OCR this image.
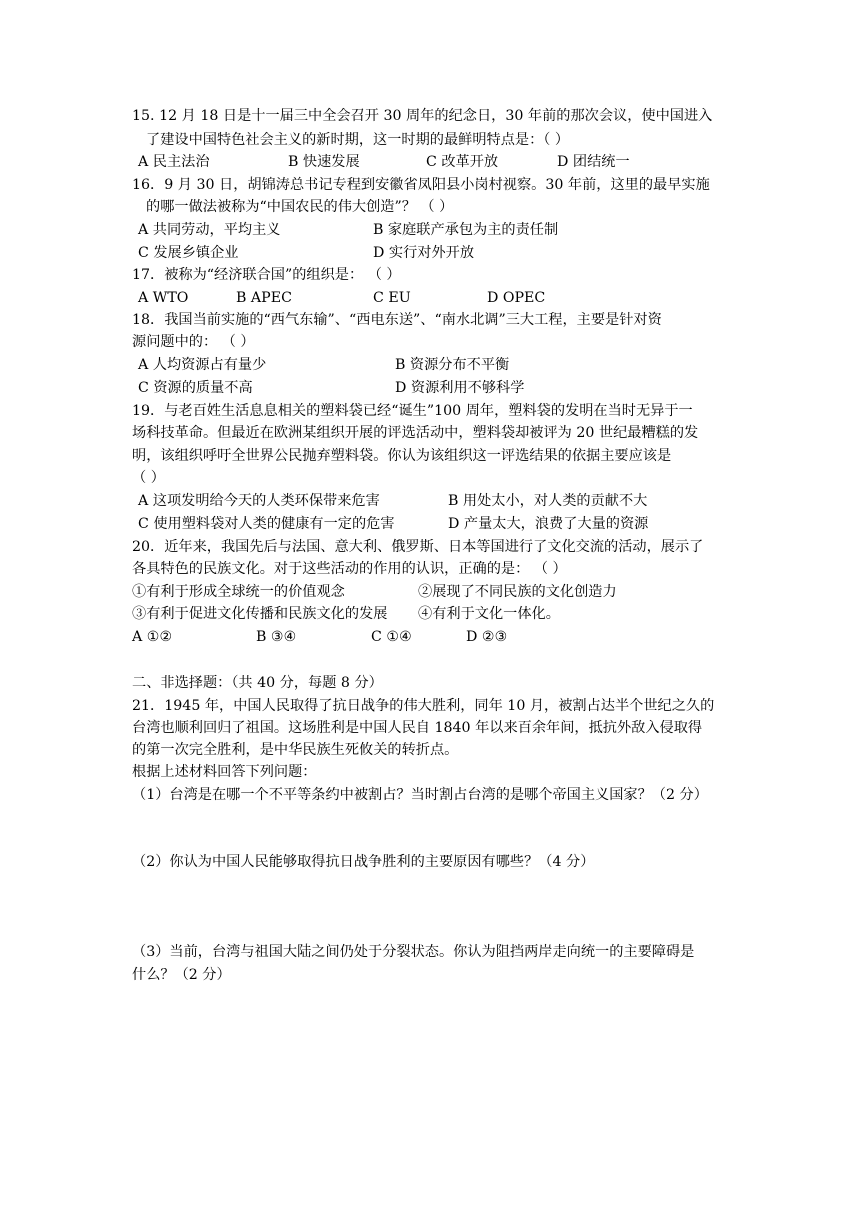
15. 12 月 18 日是十一届三中全会召开 30 周年的纪念日，30 年前的那次会议，使中国进入
了建设中国特色社会主义的新时期，这一时期的最鲜明特点是：（ ）
A 民主法治	B 快速发展	C 改革开放	D 团结统一
16．9 月 30 日，胡锦涛总书记专程到安徽省凤阳县小岗村视察。30 年前，这里的最早实施
的哪一做法被称为“中国农民的伟大创造”？ （ ）
A 共同劳动，平均主义	B 家庭联产承包为主的责任制
C 发展乡镇企业	D 实行对外开放
17．被称为“经济联合国”的组织是： （ ）
A WTO	B APEC	C EU	D OPEC
18．我国当前实施的“西气东输”、“西电东送”、“南水北调”三大工程，主要是针对资
源问题中的： （ ）
A 人均资源占有量少	B 资源分布不平衡
C 资源的质量不高	D 资源利用不够科学
19．与老百姓生活息息相关的塑料袋已经“诞生”100 周年，塑料袋的发明在当时无异于一
场科技革命。但最近在欧洲某组织开展的评选活动中，塑料袋却被评为 20 世纪最糟糕的发
明，该组织呼吁全世界公民抛弃塑料袋。你认为该组织这一评选结果的依据主要应该是
（ ）
A 这项发明给今天的人类环保带来危害	B 用处太小，对人类的贡献不大
C 使用塑料袋对人类的健康有一定的危害	D 产量太大，浪费了大量的资源
20．近年来，我国先后与法国、意大利、俄罗斯、日本等国进行了文化交流的活动，展示了
各具特色的民族文化。对于这些活动的作用的认识，正确的是： （ ）
①有利于形成全球统一的价值观念	②展现了不同民族的文化创造力
③有利于促进文化传播和民族文化的发展 ④有利于文化一体化。
A ①②	B ③④	C ①④	D ②③
二、非选择题：（共 40 分，每题 8 分）
21．1945 年，中国人民取得了抗日战争的伟大胜利，同年 10 月，被割占达半个世纪之久的
台湾也顺利回归了祖国。这场胜利是中国人民自 1840 年以来百余年间，抵抗外敌入侵取得
的第一次完全胜利，是中华民族生死攸关的转折点。
根据上述材料回答下列问题：
（1）台湾是在哪一个不平等条约中被割占？当时割占台湾的是哪个帝国主义国家？（2 分）
（2）你认为中国人民能够取得抗日战争胜利的主要原因有哪些？（4 分）
（3）当前，台湾与祖国大陆之间仍处于分裂状态。你认为阻挡两岸走向统一的主要障碍是
什么？（2 分）
